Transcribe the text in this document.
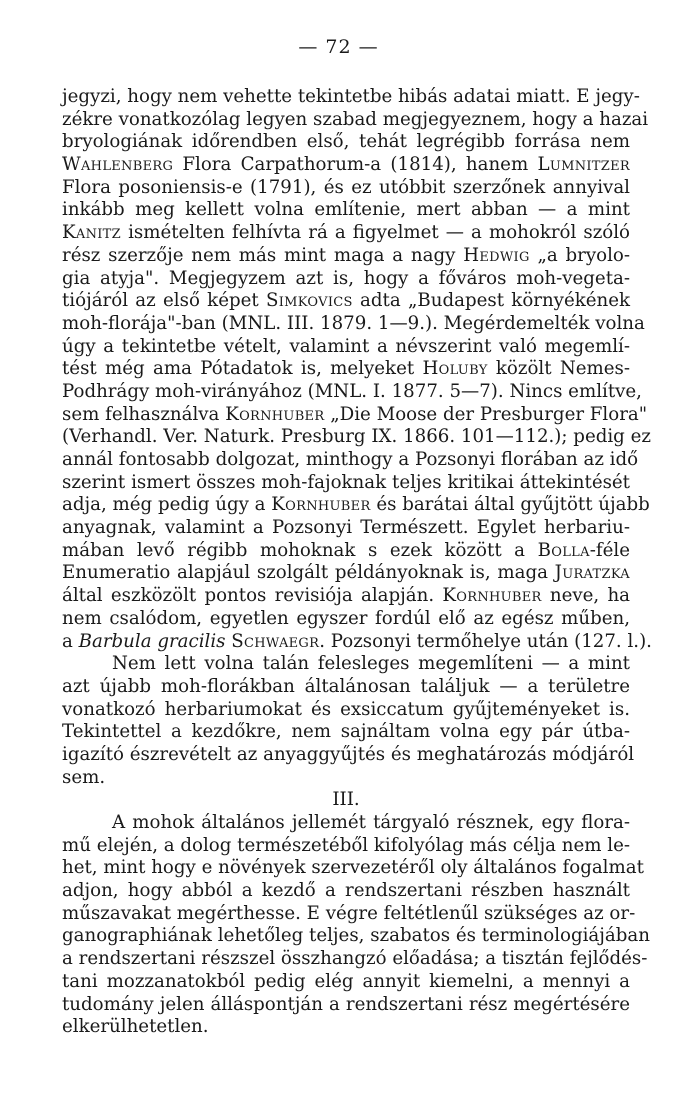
— 72 —
jegyzi, hogy nem vehette tekintetbe hibás adatai miatt. E jegy-
zékre vonatkozólag legyen szabad megjegyeznem, hogy a hazai
bryologiának időrendben első, tehát legrégibb forrása nem
Wahlenberg Flora Carpathorum-a (1814), hanem Lumnitzer
Flora posoniensis-e (1791), és ez utóbbit szerzőnek annyival
inkább meg kellett volna említenie, mert abban — a mint
Kanitz ismételten felhívta rá a figyelmet — a mohokról szóló
rész szerzője nem más mint maga a nagy Hedwig „a bryolo-
gia atyja". Megjegyzem azt is, hogy a főváros moh-vegeta-
tiójáról az első képet Simkovics adta „Budapest környékének
moh-florája"-ban (MNL. III. 1879. 1—9.). Megérdemelték volna
úgy a tekintetbe vételt, valamint a névszerint való megemlí-
tést még ama Pótadatok is, melyeket Holuby közölt Nemes-
Podhrágy moh-virányához (MNL. I. 1877. 5—7). Nincs említve,
sem felhasználva Kornhuber „Die Moose der Presburger Flora"
(Verhandl. Ver. Naturk. Presburg IX. 1866. 101—112.); pedig ez
annál fontosabb dolgozat, minthogy a Pozsonyi florában az idő
szerint ismert összes moh-fajoknak teljes kritikai áttekintését
adja, még pedig úgy a Kornhuber és barátai által gyűjtött újabb
anyagnak, valamint a Pozsonyi Természett. Egylet herbariu-
mában levő régibb mohoknak s ezek között a Bolla-féle
Enumeratio alapjául szolgált példányoknak is, maga Juratzka
által eszközölt pontos revisiója alapján. Kornhuber neve, ha
nem csalódom, egyetlen egyszer fordúl elő az egész műben,
a Barbula gracilis Schwaegr. Pozsonyi termőhelye után (127. l.).
Nem lett volna talán felesleges megemlíteni — a mint
azt újabb moh-florákban általánosan találjuk — a területre
vonatkozó herbariumokat és exsiccatum gyűjteményeket is.
Tekintettel a kezdőkre, nem sajnáltam volna egy pár útba-
igazító észrevételt az anyaggyűjtés és meghatározás módjáról
sem.
III.
A mohok általános jellemét tárgyaló résznek, egy flora-
mű elején, a dolog természetéből kifolyólag más célja nem le-
het, mint hogy e növények szervezetéről oly általános fogalmat
adjon, hogy abból a kezdő a rendszertani részben használt
műszavakat megérthesse. E végre feltétlenűl szükséges az or-
ganographiának lehetőleg teljes, szabatos és terminologiájában
a rendszertani részszel összhangzó előadása; a tisztán fejlődés-
tani mozzanatokból pedig elég annyit kiemelni, a mennyi a
tudomány jelen álláspontján a rendszertani rész megértésére
elkerülhetetlen.
